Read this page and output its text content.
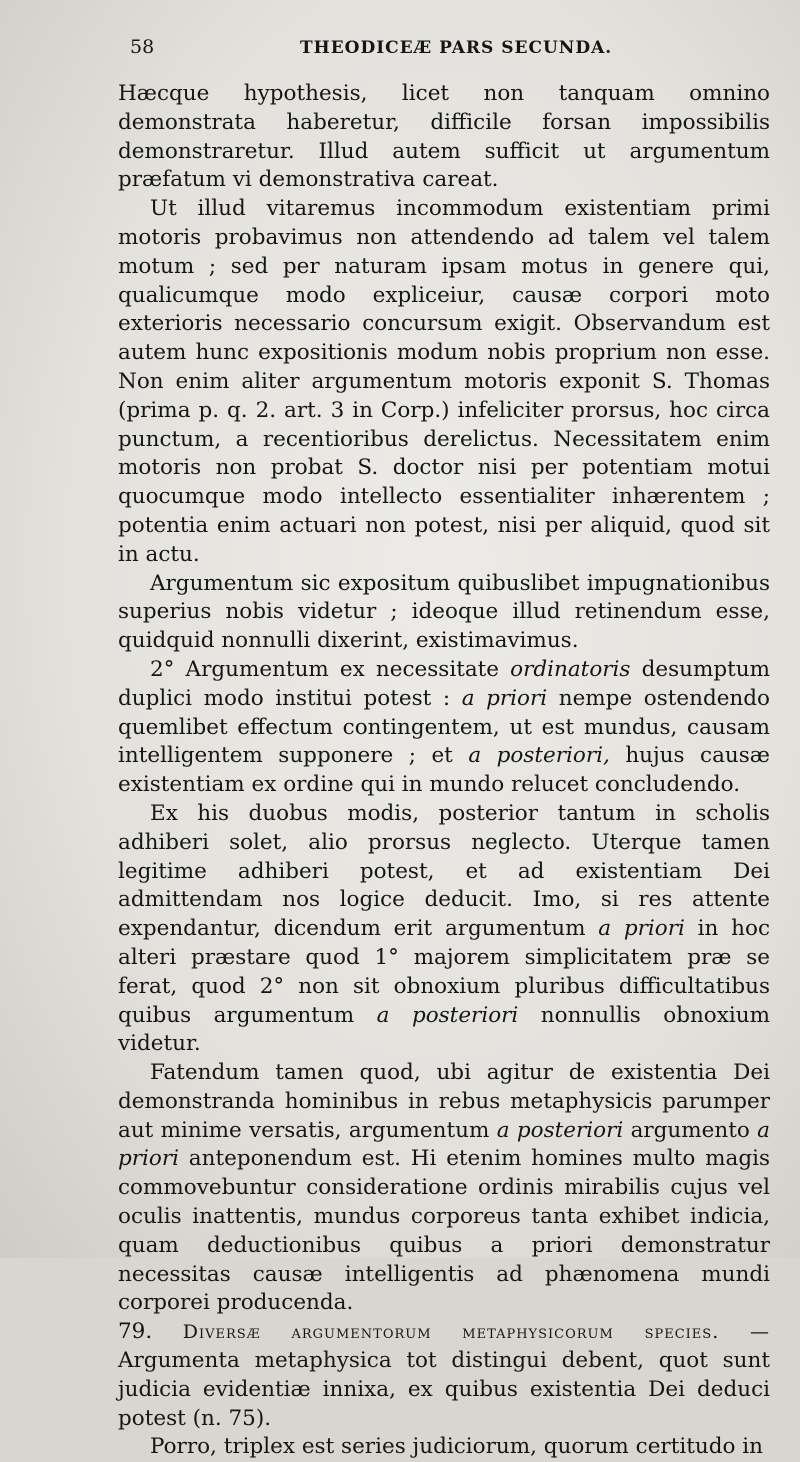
58	THEODICEÆ PARS SECUNDA.

Hæcque hypothesis, licet non tanquam omnino demonstrata haberetur, difficile forsan impossibilis demonstraretur. Illud autem sufficit ut argumentum præfatum vi demonstrativa careat.

Ut illud vitaremus incommodum existentiam primi motoris probavimus non attendendo ad talem vel talem motum ; sed per naturam ipsam motus in genere qui, qualicumque modo expliceiur, causæ corpori moto exterioris necessario concursum exigit. Observandum est autem hunc expositionis modum nobis proprium non esse. Non enim aliter argumentum motoris exponit S. Thomas (prima p. q. 2. art. 3 in Corp.) infeliciter prorsus, hoc circa punctum, a recentioribus derelictus. Necessitatem enim motoris non probat S. doctor nisi per potentiam motui quocumque modo intellecto essentialiter inhærentem ; potentia enim actuari non potest, nisi per aliquid, quod sit in actu.

Argumentum sic expositum quibuslibet impugnationibus superius nobis videtur ; ideoque illud retinendum esse, quidquid nonnulli dixerint, existimavimus.

2° Argumentum ex necessitate ordinatoris desumptum duplici modo institui potest : a priori nempe ostendendo quemlibet effectum contingentem, ut est mundus, causam intelligentem supponere ; et a posteriori, hujus causæ existentiam ex ordine qui in mundo relucet concludendo.

Ex his duobus modis, posterior tantum in scholis adhiberi solet, alio prorsus neglecto. Uterque tamen legitime adhiberi potest, et ad existentiam Dei admittendam nos logice deducit. Imo, si res attente expendantur, dicendum erit argumentum a priori in hoc alteri præstare quod 1° majorem simplicitatem præ se ferat, quod 2° non sit obnoxium pluribus difficultatibus quibus argumentum a posteriori nonnullis obnoxium videtur.

Fatendum tamen quod, ubi agitur de existentia Dei demonstranda hominibus in rebus metaphysicis parumper aut minime versatis, argumentum a posteriori argumento a priori anteponendum est. Hi etenim homines multo magis commovebuntur consideratione ordinis mirabilis cujus vel oculis inattentis, mundus corporeus tanta exhibet indicia, quam deductionibus quibus a priori demonstratur necessitas causæ intelligentis ad phænomena mundi corporei producenda.

79. Diversæ argumentorum metaphysicorum species. — Argumenta metaphysica tot distingui debent, quot sunt judicia evidentiæ innixa, ex quibus existentia Dei deduci potest (n. 75).

Porro, triplex est series judiciorum, quorum certitudo in
